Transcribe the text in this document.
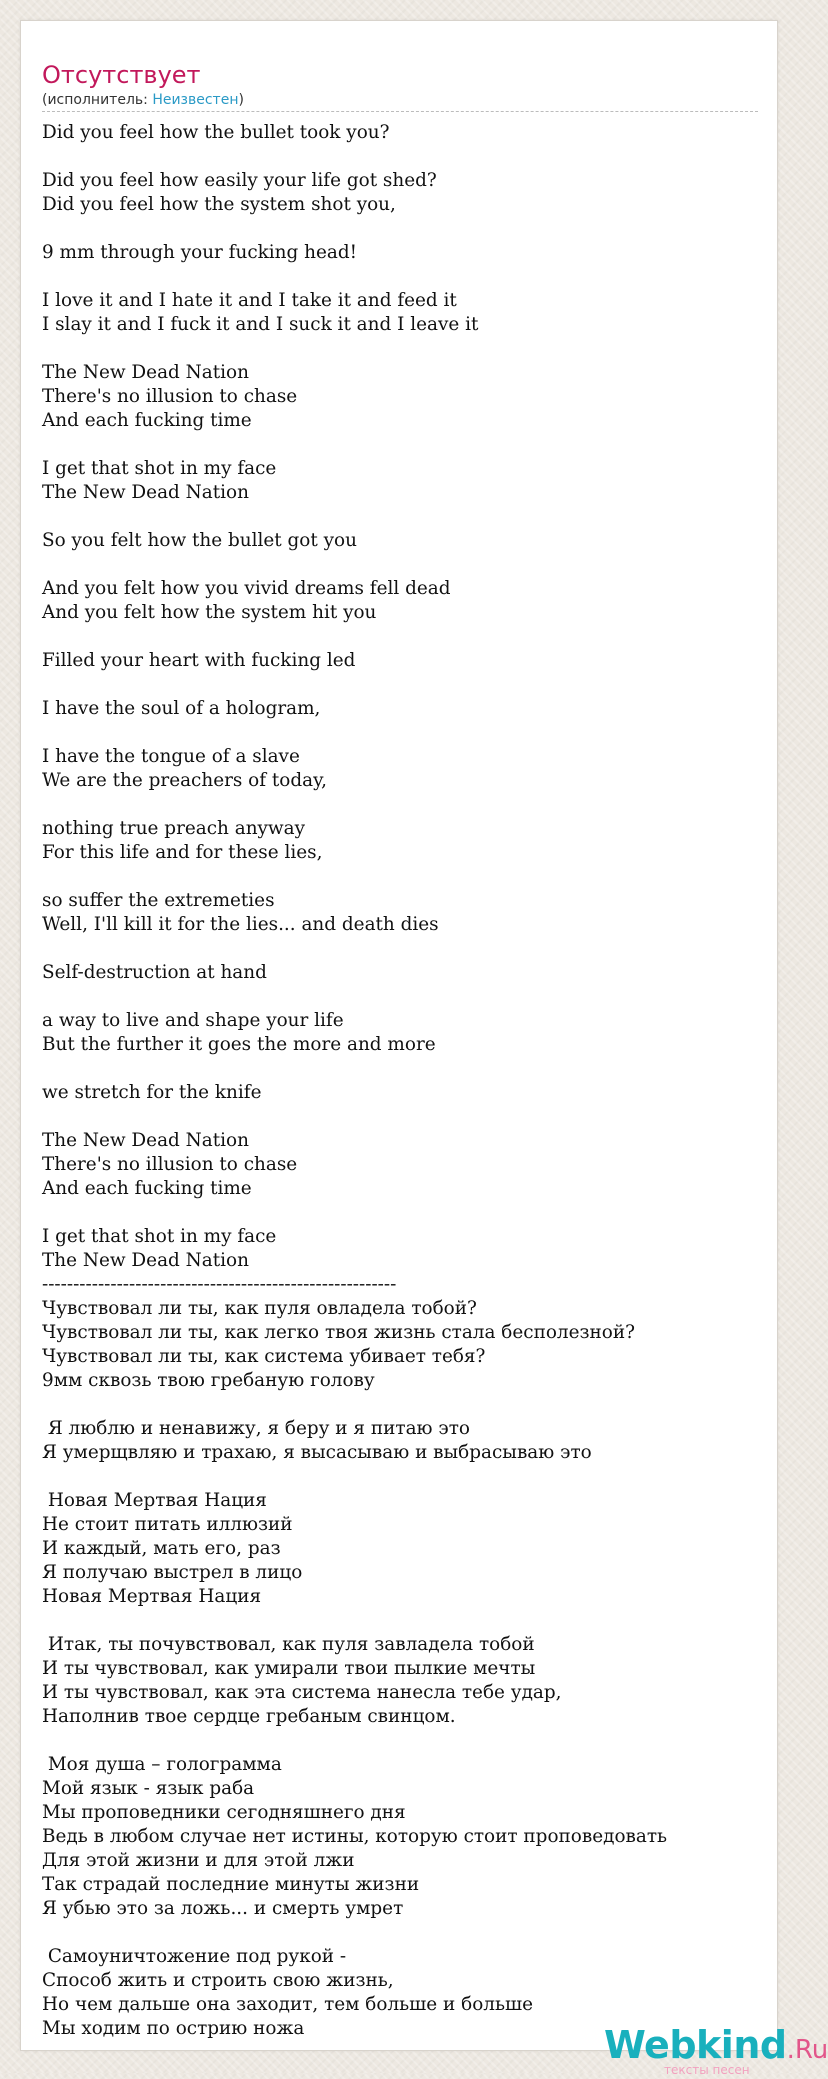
Отсутствует
(исполнитель: Неизвестен)
Did you feel how the bullet took you?
Did you feel how easily your life got shed?
Did you feel how the system shot you,
9 mm through your fucking head!
I love it and I hate it and I take it and feed it
I slay it and I fuck it and I suck it and I leave it
The New Dead Nation
There's no illusion to chase
And each fucking time
I get that shot in my face
The New Dead Nation
So you felt how the bullet got you
And you felt how you vivid dreams fell dead
And you felt how the system hit you
Filled your heart with fucking led
I have the soul of a hologram,
I have the tongue of a slave
We are the preachers of today,
nothing true preach anyway
For this life and for these lies,
so suffer the extremeties
Well, I'll kill it for the lies... and death dies
Self-destruction at hand
a way to live and shape your life
But the further it goes the more and more
we stretch for the knife
The New Dead Nation
There's no illusion to chase
And each fucking time
I get that shot in my face
The New Dead Nation
---------------------------------------------------------
Чувствовал ли ты, как пуля овладела тобой?
Чувствовал ли ты, как легко твоя жизнь стала бесполезной?
Чувствовал ли ты, как система убивает тебя?
9мм сквозь твою гребаную голову
Я люблю и ненавижу, я беру и я питаю это
Я умерщвляю и трахаю, я высасываю и выбрасываю это
Новая Мертвая Нация
Не стоит питать иллюзий
И каждый, мать его, раз
Я получаю выстрел в лицо
Новая Мертвая Нация
Итак, ты почувствовал, как пуля завладела тобой
И ты чувствовал, как умирали твои пылкие мечты
И ты чувствовал, как эта система нанесла тебе удар,
Наполнив твое сердце гребаным свинцом.
Моя душа – голограмма
Мой язык - язык раба
Мы проповедники сегодняшнего дня
Ведь в любом случае нет истины, которую стоит проповедовать
Для этой жизни и для этой лжи
Так страдай последние минуты жизни
Я убью это за ложь... и смерть умрет
Самоуничтожение под рукой -
Способ жить и строить свою жизнь,
Но чем дальше она заходит, тем больше и больше
Мы ходим по острию ножа	Webkind.Ru
тексты песен
